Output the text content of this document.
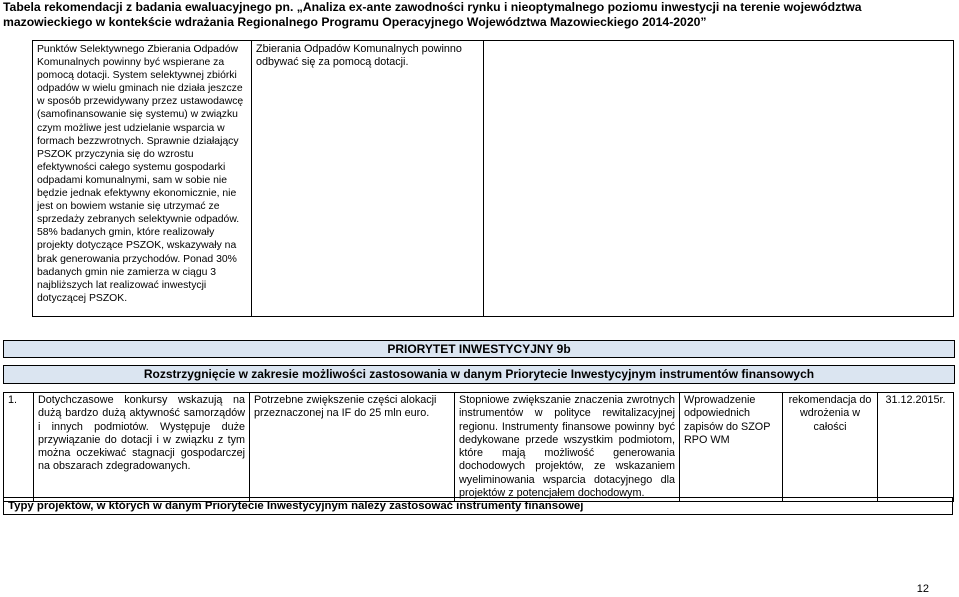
Tabela rekomendacji z badania ewaluacyjnego pn. „Analiza ex-ante zawodności rynku i nieoptymalnego poziomu inwestycji na terenie województwa
mazowieckiego w kontekście wdrażania Regionalnego Programu Operacyjnego Województwa Mazowieckiego 2014-2020”
Punktów Selektywnego Zbierania Odpadów Komunalnych powinny być wspierane za pomocą dotacji. System selektywnej zbiórki odpadów w wielu gminach nie działa jeszcze w sposób przewidywany przez ustawodawcę (samofinansowanie się systemu) w związku czym możliwe jest udzielanie wsparcia w formach bezzwrotnych. Sprawnie działający PSZOK przyczynia się do wzrostu efektywności całego systemu gospodarki odpadami komunalnymi, sam w sobie nie będzie jednak efektywny ekonomicznie, nie jest on bowiem wstanie się utrzymać ze sprzedaży zebranych selektywnie odpadów. 58% badanych gmin, które realizowały projekty dotyczące PSZOK, wskazywały na brak generowania przychodów. Ponad 30% badanych gmin nie zamierza w ciągu 3 najbliższych lat realizować inwestycji dotyczącej PSZOK.	Zbierania Odpadów Komunalnych powinno odbywać się za pomocą dotacji.	
PRIORYTET INWESTYCYJNY 9b
Rozstrzygnięcie w zakresie możliwości zastosowania w danym Priorytecie Inwestycyjnym instrumentów finansowych
1.	Dotychczasowe konkursy wskazują na dużą bardzo dużą aktywność samorządów i innych podmiotów. Występuje duże przywiązanie do dotacji i w związku z tym można oczekiwać stagnacji gospodarczej na obszarach zdegradowanych.	Potrzebne zwiększenie części alokacji przeznaczonej na IF do 25 mln euro.	Stopniowe zwiększanie znaczenia zwrotnych instrumentów w polityce rewitalizacyjnej regionu. Instrumenty finansowe powinny być dedykowane przede wszystkim podmiotom, które mają możliwość generowania dochodowych projektów, ze wskazaniem wyeliminowania wsparcia dotacyjnego dla projektów z potencjałem dochodowym.	Wprowadzenie odpowiednich zapisów do SZOP RPO WM	rekomendacja do wdrożenia w całości	31.12.2015r.
Typy projektów, w których w danym Priorytecie Inwestycyjnym należy zastosować instrumenty finansowej
12
